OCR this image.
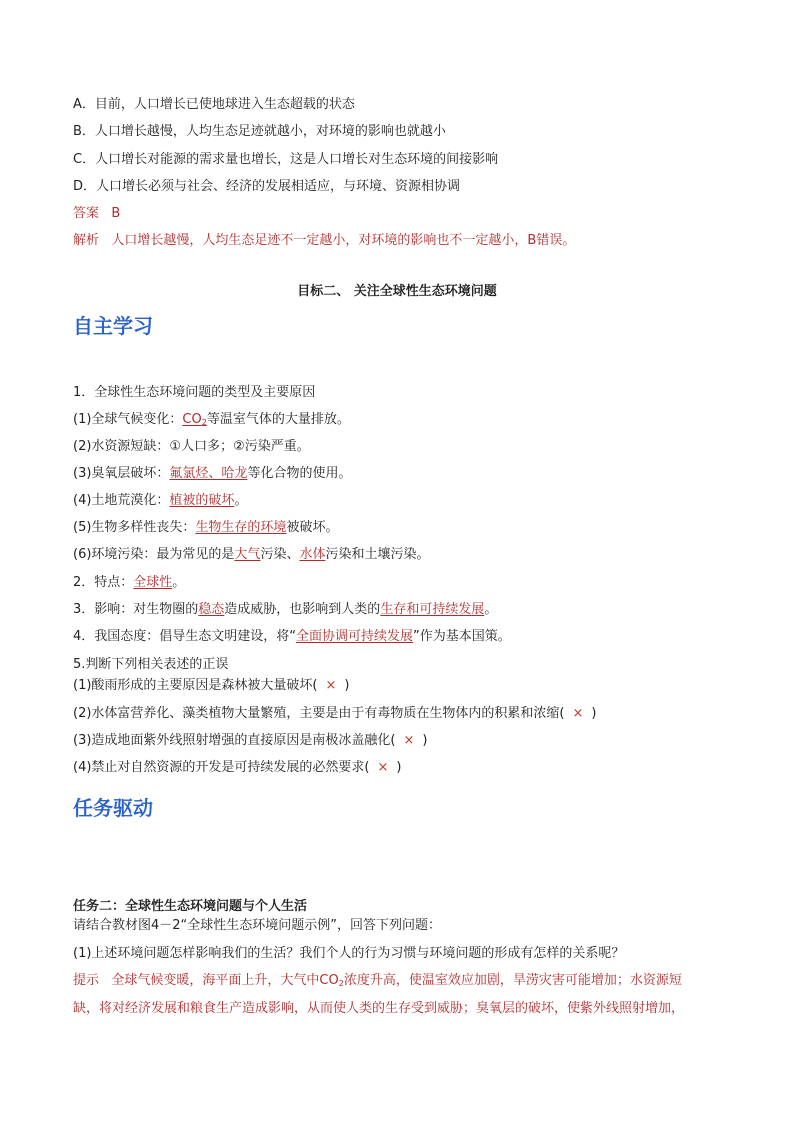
A．目前，人口增长已使地球进入生态超载的状态
B．人口增长越慢，人均生态足迹就越小，对环境的影响也就越小
C．人口增长对能源的需求量也增长，这是人口增长对生态环境的间接影响
D．人口增长必须与社会、经济的发展相适应，与环境、资源相协调
答案 B
解析 人口增长越慢，人均生态足迹不一定越小，对环境的影响也不一定越小，B错误。
目标二、 关注全球性生态环境问题
自主学习
1．全球性生态环境问题的类型及主要原因
(1)全球气候变化：$CO_2$等温室气体的大量排放。
(2)水资源短缺：①人口多；②污染严重。
(3)臭氧层破坏：氟氯烃、哈龙等化合物的使用。
(4)土地荒漠化：植被的破坏。
(5)生物多样性丧失：生物生存的环境被破坏。
(6)环境污染：最为常见的是大气污染、水体污染和土壤污染。
2．特点：全球性。
3．影响：对生物圈的稳态造成威胁，也影响到人类的生存和可持续发展。
4．我国态度：倡导生态文明建设，将“全面协调可持续发展”作为基本国策。
5.判断下列相关表述的正误
(1)酸雨形成的主要原因是森林被大量破坏( × )
(2)水体富营养化、藻类植物大量繁殖，主要是由于有毒物质在生物体内的积累和浓缩( × )
(3)造成地面紫外线照射增强的直接原因是南极冰盖融化( × )
(4)禁止对自然资源的开发是可持续发展的必然要求( × )
任务驱动
任务二：全球性生态环境问题与个人生活
请结合教材图4－2“全球性生态环境问题示例”，回答下列问题：
(1)上述环境问题怎样影响我们的生活？我们个人的行为习惯与环境问题的形成有怎样的关系呢？
提示 全球气候变暖，海平面上升，大气中$CO_2$浓度升高，使温室效应加剧，旱涝灾害可能增加；水资源短
缺，将对经济发展和粮食生产造成影响，从而使人类的生存受到威胁；臭氧层的破坏，使紫外线照射增加，
